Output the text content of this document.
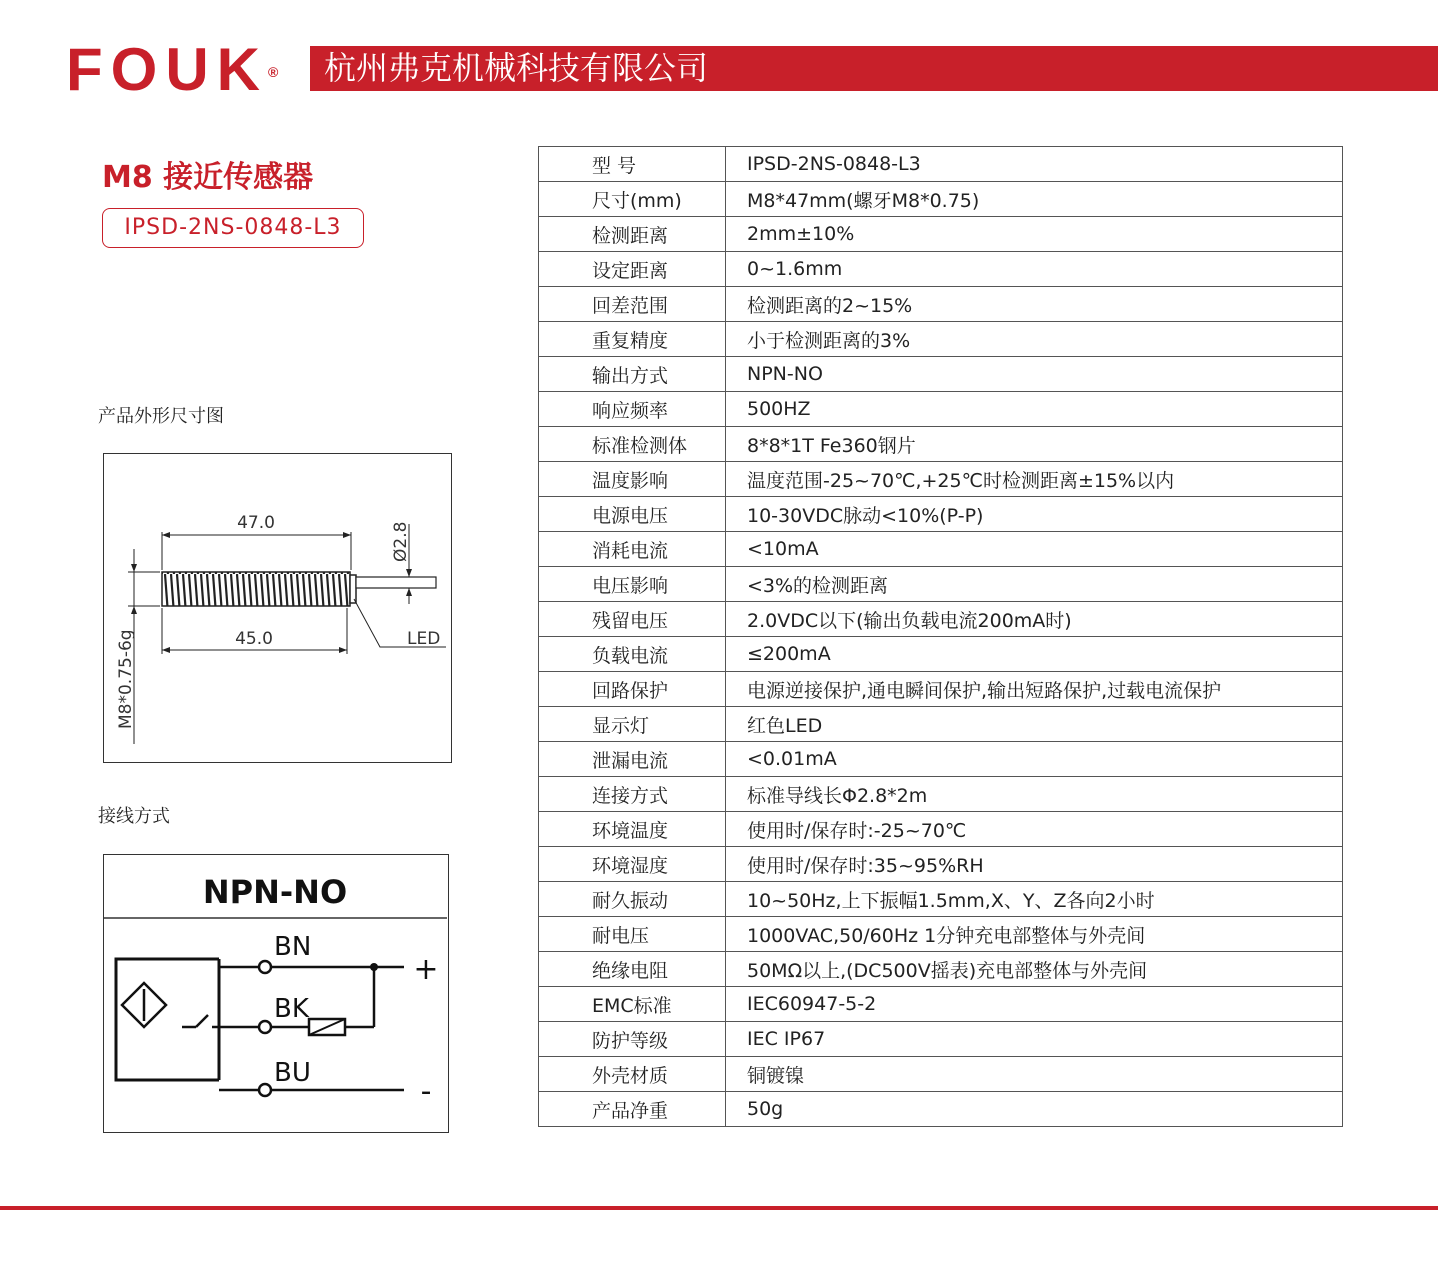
FOUK®	杭州弗克机械科技有限公司
M8 接近传感器
IPSD-2NS-0848-L3
产品外形尺寸图
47.0
45.0
Ø2.8
M8*0.75-6g	LED
接线方式
NPN-NO
BN
BK
BU
+
-
型 号	IPSD-2NS-0848-L3
尺寸(mm)	M8*47mm(螺牙M8*0.75)
检测距离	2mm±10%
设定距离	0~1.6mm
回差范围	检测距离的2~15%
重复精度	小于检测距离的3%
输出方式	NPN-NO
响应频率	500HZ
标准检测体	8*8*1T Fe360钢片
温度影响	温度范围-25~70℃,+25℃时检测距离±15%以内
电源电压	10-30VDC脉动<10%(P-P)
消耗电流	<10mA
电压影响	<3%的检测距离
残留电压	2.0VDC以下(输出负载电流200mA时)
负载电流	≤200mA
回路保护	电源逆接保护,通电瞬间保护,输出短路保护,过载电流保护
显示灯	红色LED
泄漏电流	<0.01mA
连接方式	标准导线长Φ2.8*2m
环境温度	使用时/保存时:-25~70℃
环境湿度	使用时/保存时:35~95%RH
耐久振动	10~50Hz,上下振幅1.5mm,X、Y、Z各向2小时
耐电压	1000VAC,50/60Hz 1分钟充电部整体与外壳间
绝缘电阻	50MΩ以上,(DC500V摇表)充电部整体与外壳间
EMC标准	IEC60947-5-2
防护等级	IEC IP67
外壳材质	铜镀镍
产品净重	50g
